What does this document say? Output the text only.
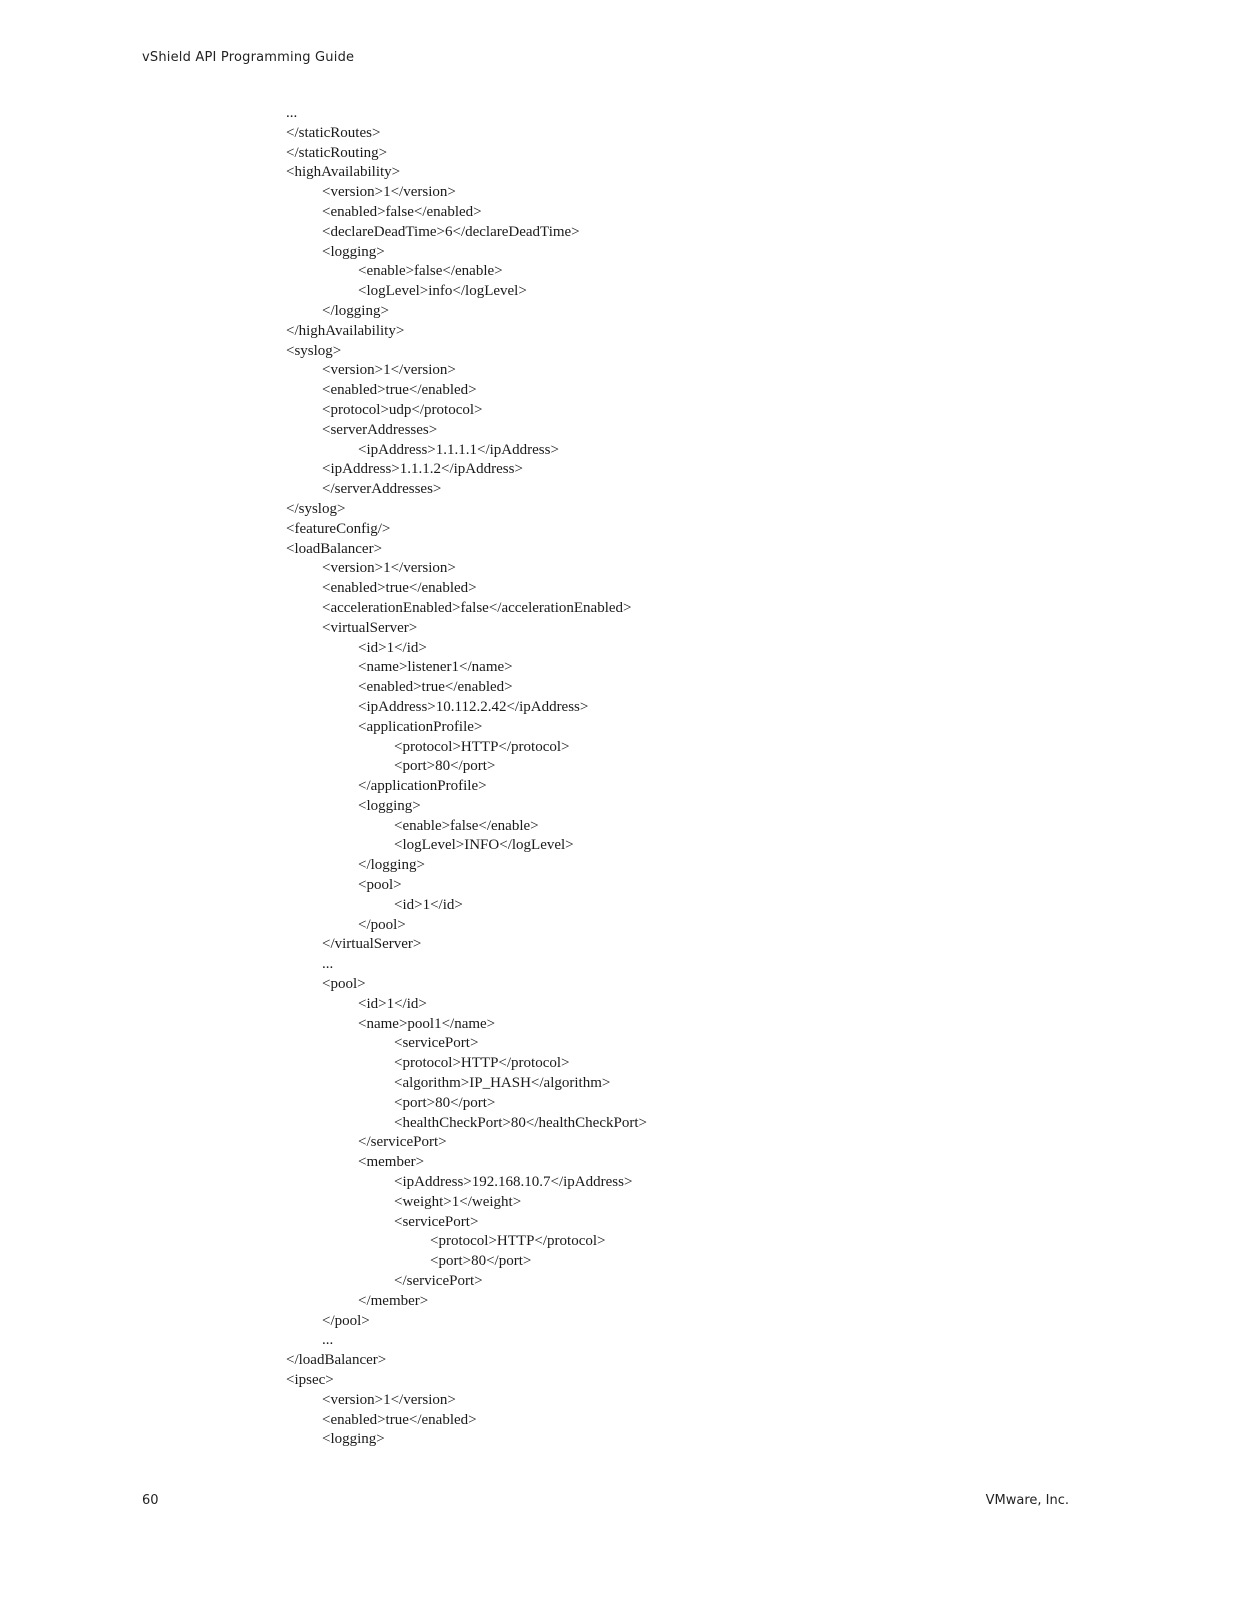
vShield API Programming Guide
...
</staticRoutes>
</staticRouting>
<highAvailability>
<version>1</version>
<enabled>false</enabled>
<declareDeadTime>6</declareDeadTime>
<logging>
<enable>false</enable>
<logLevel>info</logLevel>
</logging>
</highAvailability>
<syslog>
<version>1</version>
<enabled>true</enabled>
<protocol>udp</protocol>
<serverAddresses>
<ipAddress>1.1.1.1</ipAddress>
<ipAddress>1.1.1.2</ipAddress>
</serverAddresses>
</syslog>
<featureConfig/>
<loadBalancer>
<version>1</version>
<enabled>true</enabled>
<accelerationEnabled>false</accelerationEnabled>
<virtualServer>
<id>1</id>
<name>listener1</name>
<enabled>true</enabled>
<ipAddress>10.112.2.42</ipAddress>
<applicationProfile>
<protocol>HTTP</protocol>
<port>80</port>
</applicationProfile>
<logging>
<enable>false</enable>
<logLevel>INFO</logLevel>
</logging>
<pool>
<id>1</id>
</pool>
</virtualServer>
...
<pool>
<id>1</id>
<name>pool1</name>
<servicePort>
<protocol>HTTP</protocol>
<algorithm>IP_HASH</algorithm>
<port>80</port>
<healthCheckPort>80</healthCheckPort>
</servicePort>
<member>
<ipAddress>192.168.10.7</ipAddress>
<weight>1</weight>
<servicePort>
<protocol>HTTP</protocol>
<port>80</port>
</servicePort>
</member>
</pool>
...
</loadBalancer>
<ipsec>
<version>1</version>
<enabled>true</enabled>
<logging>
60	VMware, Inc.
